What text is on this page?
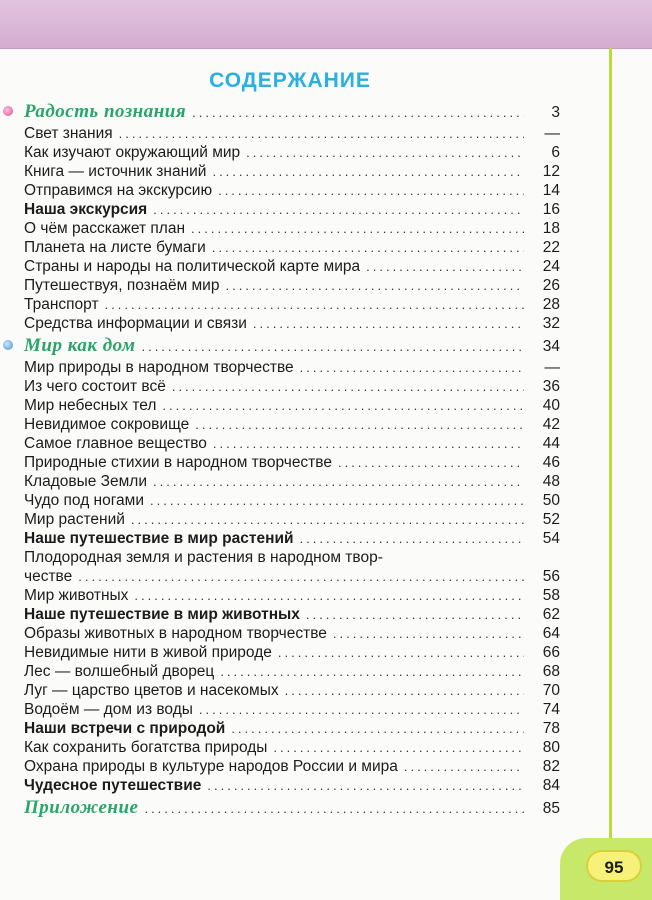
95
СОДЕРЖАНИЕ
Радость познания .....	3
Свет знания .....	—
Как изучают окружающий мир .....	6
Книга — источник знаний .....	12
Отправимся на экскурсию .....	14
Наша экскурсия .....	16
О чём расскажет план .....	18
Планета на листе бумаги .....	22
Страны и народы на политической карте мира .....	24
Путешествуя, познаём мир .....	26
Транспорт .....	28
Средства информации и связи .....	32
Мир как дом .....	34
Мир природы в народном творчестве .....	—
Из чего состоит всё .....	36
Мир небесных тел .....	40
Невидимое сокровище .....	42
Самое главное вещество .....	44
Природные стихии в народном творчестве .....	46
Кладовые Земли .....	48
Чудо под ногами .....	50
Мир растений .....	52
Наше путешествие в мир растений .....	54
Плодородная земля и растения в народном твор-
честве .....	56
Мир животных .....	58
Наше путешествие в мир животных .....	62
Образы животных в народном творчестве .....	64
Невидимые нити в живой природе .....	66
Лес — волшебный дворец .....	68
Луг — царство цветов и насекомых .....	70
Водоём — дом из воды .....	74
Наши встречи с природой .....	78
Как сохранить богатства природы .....	80
Охрана природы в культуре народов России и мира .....	82
Чудесное путешествие .....	84
Приложение .....	85
